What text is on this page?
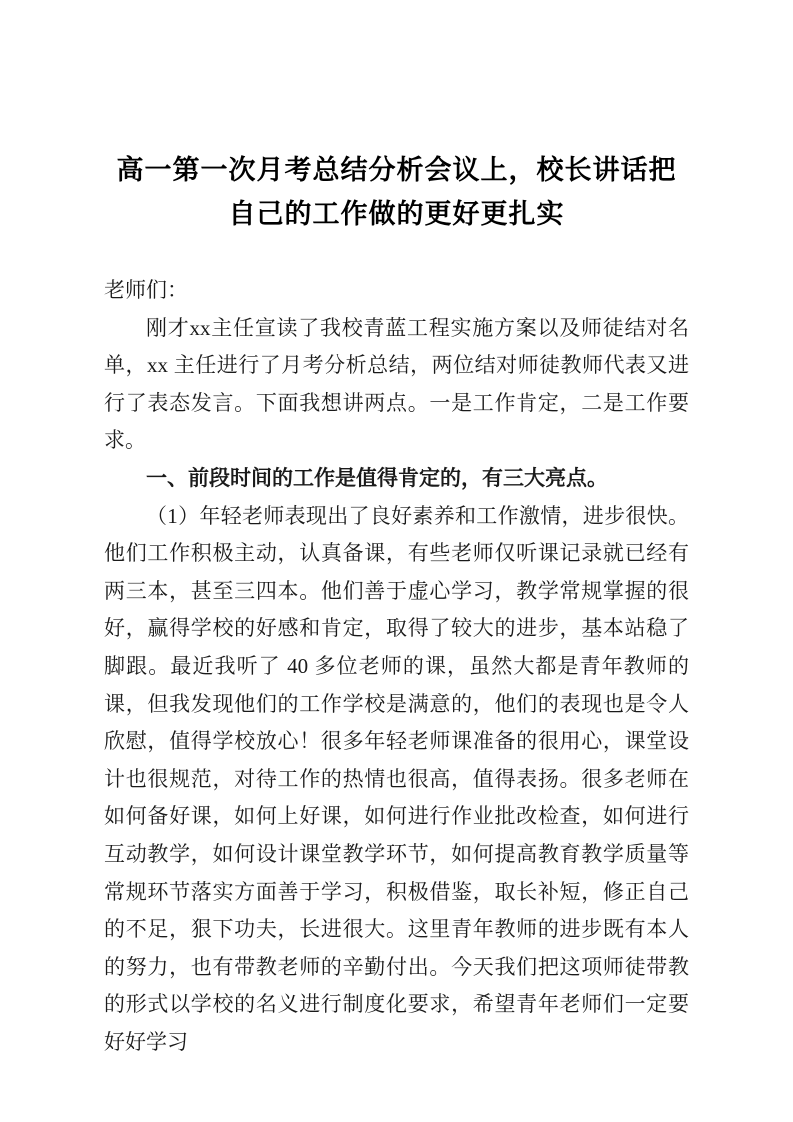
高一第一次月考总结分析会议上，校长讲话把自己的工作做的更好更扎实

老师们：

刚才xx主任宣读了我校青蓝工程实施方案以及师徒结对名单，xx 主任进行了月考分析总结，两位结对师徒教师代表又进行了表态发言。下面我想讲两点。一是工作肯定，二是工作要求。

一、前段时间的工作是值得肯定的，有三大亮点。

（1）年轻老师表现出了良好素养和工作激情，进步很快。他们工作积极主动，认真备课，有些老师仅听课记录就已经有两三本，甚至三四本。他们善于虚心学习，教学常规掌握的很好，赢得学校的好感和肯定，取得了较大的进步，基本站稳了脚跟。最近我听了 40 多位老师的课，虽然大都是青年教师的课，但我发现他们的工作学校是满意的，他们的表现也是令人欣慰，值得学校放心！很多年轻老师课准备的很用心，课堂设计也很规范，对待工作的热情也很高，值得表扬。很多老师在如何备好课，如何上好课，如何进行作业批改检查，如何进行互动教学，如何设计课堂教学环节，如何提高教育教学质量等常规环节落实方面善于学习，积极借鉴，取长补短，修正自己的不足，狠下功夫，长进很大。这里青年教师的进步既有本人的努力，也有带教老师的辛勤付出。今天我们把这项师徒带教的形式以学校的名义进行制度化要求，希望青年老师们一定要好好学习
